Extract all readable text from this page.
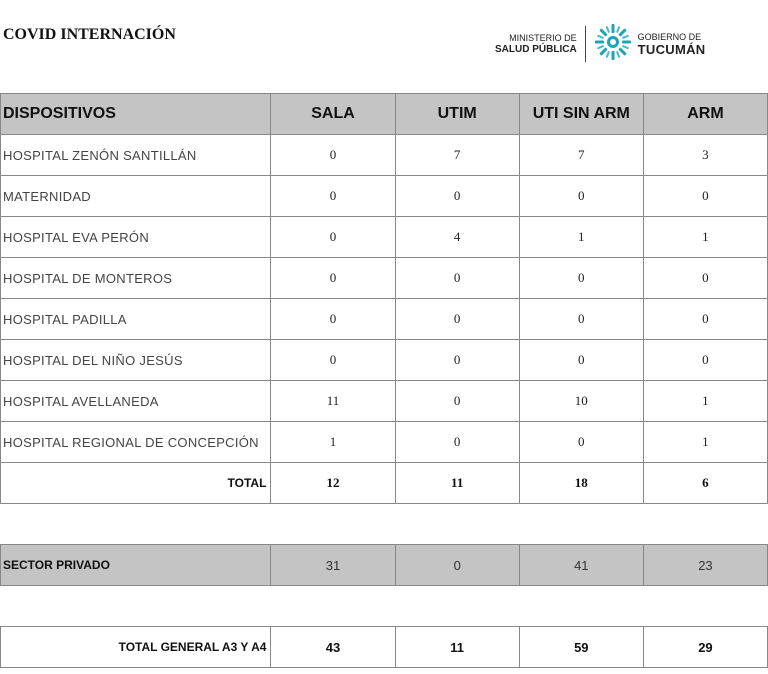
COVID INTERNACIÓN	MINISTERIO DE
SALUD PÚBLICA
GOBIERNO DE
TUCUMÁN
DISPOSITIVOS	SALA	UTIM	UTI SIN ARM	ARM
HOSPITAL ZENÓN SANTILLÁN	0	7	7	3
MATERNIDAD	0	0	0	0
HOSPITAL EVA PERÓN	0	4	1	1
HOSPITAL DE MONTEROS	0	0	0	0
HOSPITAL PADILLA	0	0	0	0
HOSPITAL DEL NIÑO JESÚS	0	0	0	0
HOSPITAL AVELLANEDA	11	0	10	1
HOSPITAL REGIONAL DE CONCEPCIÓN	1	0	0	1
TOTAL	12	11	18	6

SECTOR PRIVADO	31	0	41	23

TOTAL GENERAL A3 Y A4	43	11	59	29
